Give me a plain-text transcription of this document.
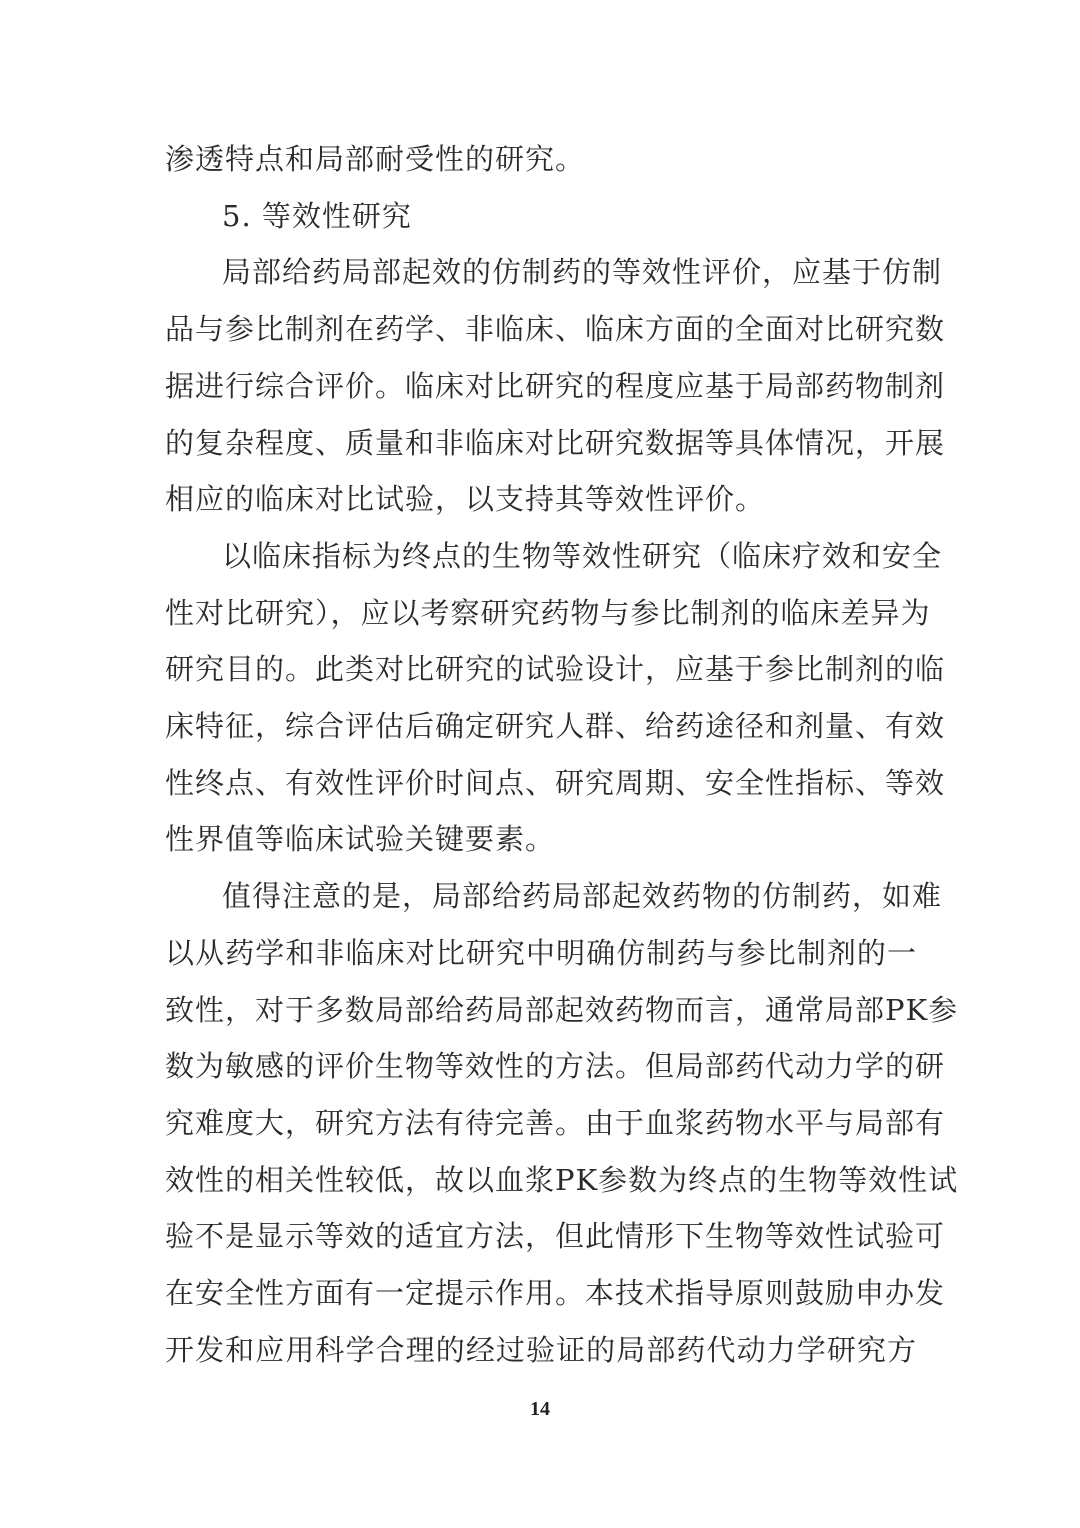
渗透特点和局部耐受性的研究。
5. 等效性研究
局部给药局部起效的仿制药的等效性评价，应基于仿制
品与参比制剂在药学、非临床、临床方面的全面对比研究数
据进行综合评价。临床对比研究的程度应基于局部药物制剂
的复杂程度、质量和非临床对比研究数据等具体情况，开展
相应的临床对比试验，以支持其等效性评价。
以临床指标为终点的生物等效性研究（临床疗效和安全
性对比研究），应以考察研究药物与参比制剂的临床差异为
研究目的。此类对比研究的试验设计，应基于参比制剂的临
床特征，综合评估后确定研究人群、给药途径和剂量、有效
性终点、有效性评价时间点、研究周期、安全性指标、等效
性界值等临床试验关键要素。
值得注意的是，局部给药局部起效药物的仿制药，如难
以从药学和非临床对比研究中明确仿制药与参比制剂的一
致性，对于多数局部给药局部起效药物而言，通常局部PK参
数为敏感的评价生物等效性的方法。但局部药代动力学的研
究难度大，研究方法有待完善。由于血浆药物水平与局部有
效性的相关性较低，故以血浆PK参数为终点的生物等效性试
验不是显示等效的适宜方法，但此情形下生物等效性试验可
在安全性方面有一定提示作用。本技术指导原则鼓励申办发
开发和应用科学合理的经过验证的局部药代动力学研究方
14
